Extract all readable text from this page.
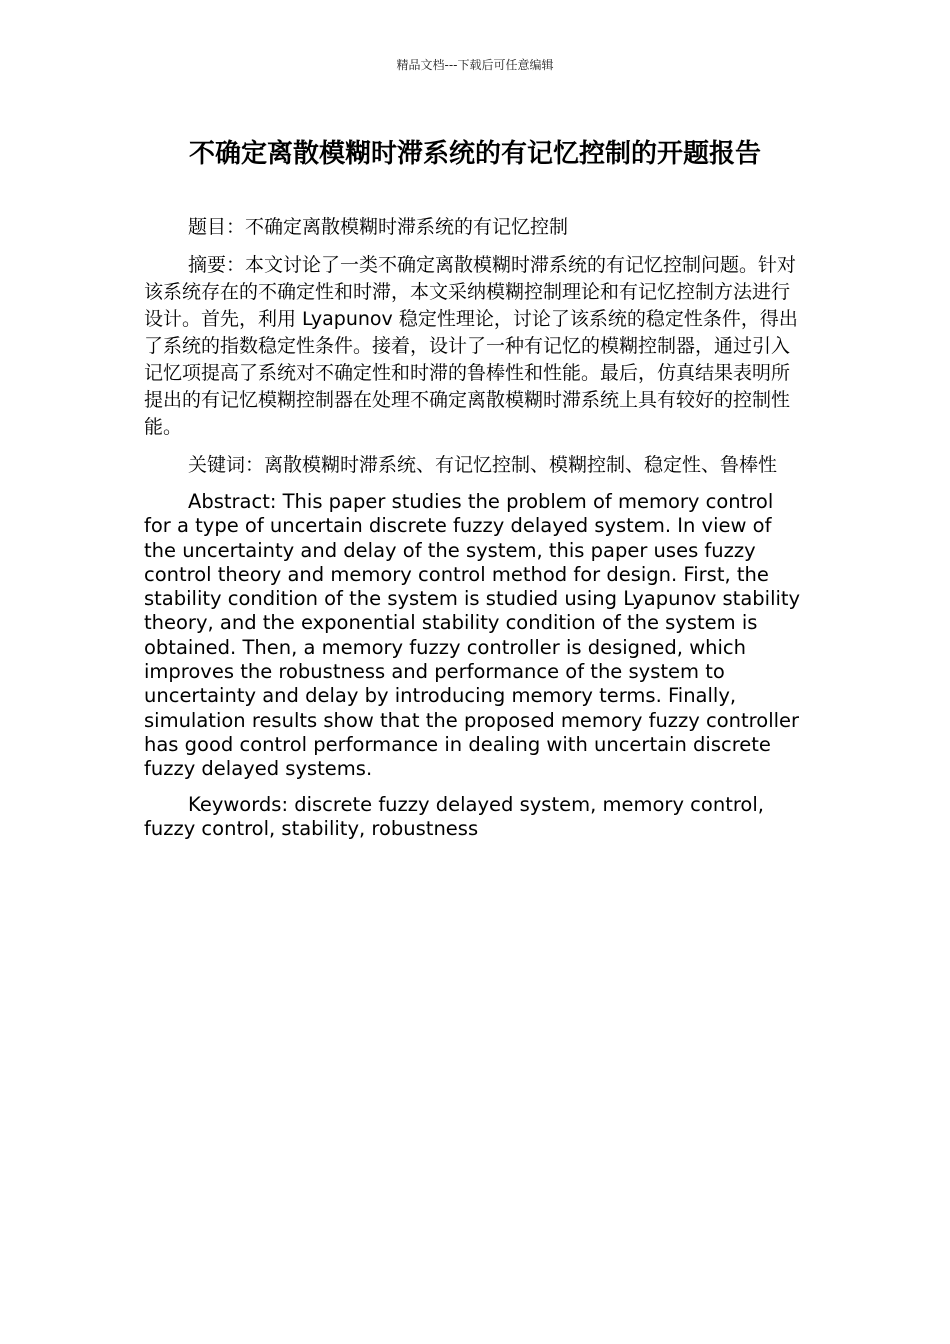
精品文档---下载后可任意编辑
不确定离散模糊时滞系统的有记忆控制的开题报告

题目：不确定离散模糊时滞系统的有记忆控制

摘要：本文讨论了一类不确定离散模糊时滞系统的有记忆控制问题。针对该系统存在的不确定性和时滞，本文采纳模糊控制理论和有记忆控制方法进行设计。首先，利用 Lyapunov 稳定性理论，讨论了该系统的稳定性条件，得出了系统的指数稳定性条件。接着，设计了一种有记忆的模糊控制器，通过引入记忆项提高了系统对不确定性和时滞的鲁棒性和性能。最后，仿真结果表明所提出的有记忆模糊控制器在处理不确定离散模糊时滞系统上具有较好的控制性能。

关键词：离散模糊时滞系统、有记忆控制、模糊控制、稳定性、鲁棒性

Abstract: This paper studies the problem of memory control for a type of uncertain discrete fuzzy delayed system. In view of the uncertainty and delay of the system, this paper uses fuzzy control theory and memory control method for design. First, the stability condition of the system is studied using Lyapunov stability theory, and the exponential stability condition of the system is obtained. Then, a memory fuzzy controller is designed, which improves the robustness and performance of the system to uncertainty and delay by introducing memory terms. Finally, simulation results show that the proposed memory fuzzy controller has good control performance in dealing with uncertain discrete fuzzy delayed systems.

Keywords: discrete fuzzy delayed system, memory control, fuzzy control, stability, robustness
